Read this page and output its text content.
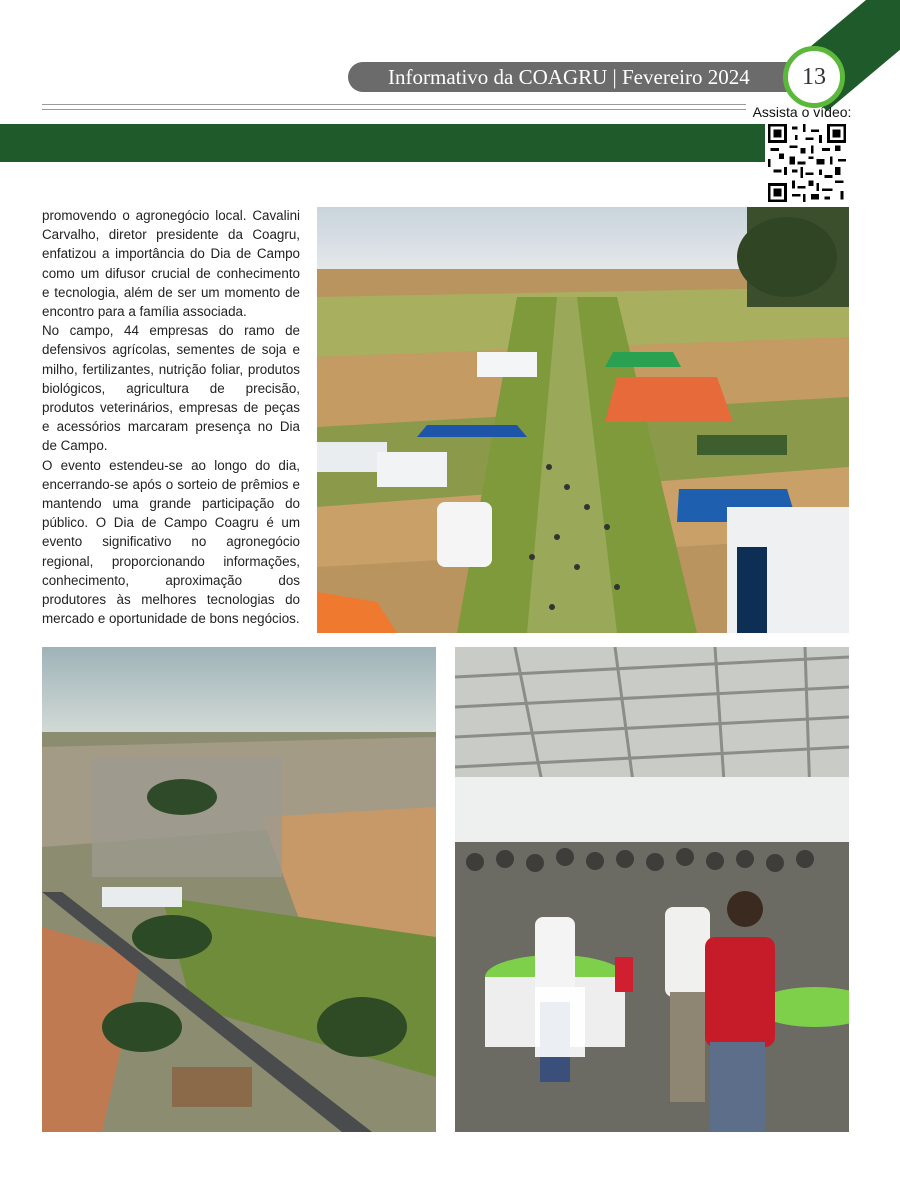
Informativo da COAGRU | Fevereiro 2024	13
Assista o vídeo:

promovendo o agronegócio local. Cavalini Carvalho, diretor presidente da Coagru, enfatizou a importância do Dia de Campo como um difusor crucial de conhecimento e tecnologia, além de ser um momento de encontro para a família associada.

No campo, 44 empresas do ramo de defensivos agrícolas, sementes de soja e milho, fertilizantes, nutrição foliar, produtos biológicos, agricultura de precisão, produtos veterinários, empresas de peças e acessórios marcaram presença no Dia de Campo.

O evento estendeu-se ao longo do dia, encerrando-se após o sorteio de prêmios e mantendo uma grande participação do público. O Dia de Campo Coagru é um evento significativo no agronegócio regional, proporcionando informações, conhecimento, aproximação dos produtores às melhores tecnologias do mercado e oportunidade de bons negócios.
